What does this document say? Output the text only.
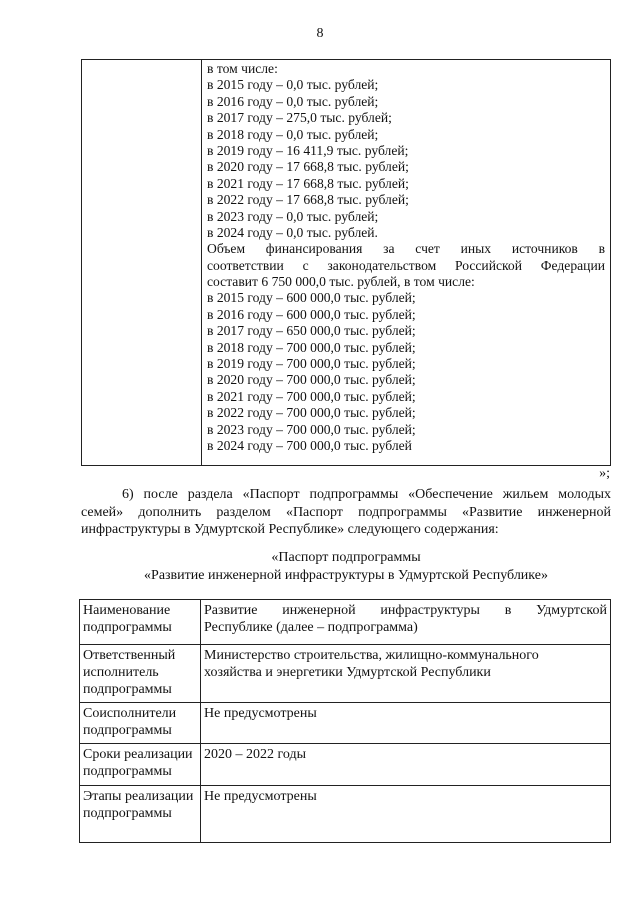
8
в том числе:
в 2015 году – 0,0 тыс. рублей;
в 2016 году – 0,0 тыс. рублей;
в 2017 году – 275,0 тыс. рублей;
в 2018 году – 0,0 тыс. рублей;
в 2019 году – 16 411,9 тыс. рублей;
в 2020 году – 17 668,8 тыс. рублей;
в 2021 году – 17 668,8 тыс. рублей;
в 2022 году – 17 668,8 тыс. рублей;
в 2023 году – 0,0 тыс. рублей;
в 2024 году – 0,0 тыс. рублей.
Объем финансирования за счет иных источников в
соответствии с законодательством Российской Федерации
составит 6 750 000,0 тыс. рублей, в том числе:
в 2015 году – 600 000,0 тыс. рублей;
в 2016 году – 600 000,0 тыс. рублей;
в 2017 году – 650 000,0 тыс. рублей;
в 2018 году – 700 000,0 тыс. рублей;
в 2019 году – 700 000,0 тыс. рублей;
в 2020 году – 700 000,0 тыс. рублей;
в 2021 году – 700 000,0 тыс. рублей;
в 2022 году – 700 000,0 тыс. рублей;
в 2023 году – 700 000,0 тыс. рублей;
в 2024 году – 700 000,0 тыс. рублей
»;
6) после раздела «Паспорт подпрограммы «Обеспечение жильем молодых
семей» дополнить разделом «Паспорт подпрограммы «Развитие инженерной
инфраструктуры в Удмуртской Республике» следующего содержания:
«Паспорт подпрограммы
«Развитие инженерной инфраструктуры в Удмуртской Республике»
Наименование подпрограммы	Развитие инженерной инфраструктуры в Удмуртской
Республике (далее – подпрограмма)

Ответственный исполнитель подпрограммы	Министерство строительства, жилищно-коммунального
хозяйства и энергетики Удмуртской Республики

Соисполнители подпрограммы	Не предусмотрены

Сроки реализации подпрограммы	2020 – 2022 годы

Этапы реализации подпрограммы	Не предусмотрены
